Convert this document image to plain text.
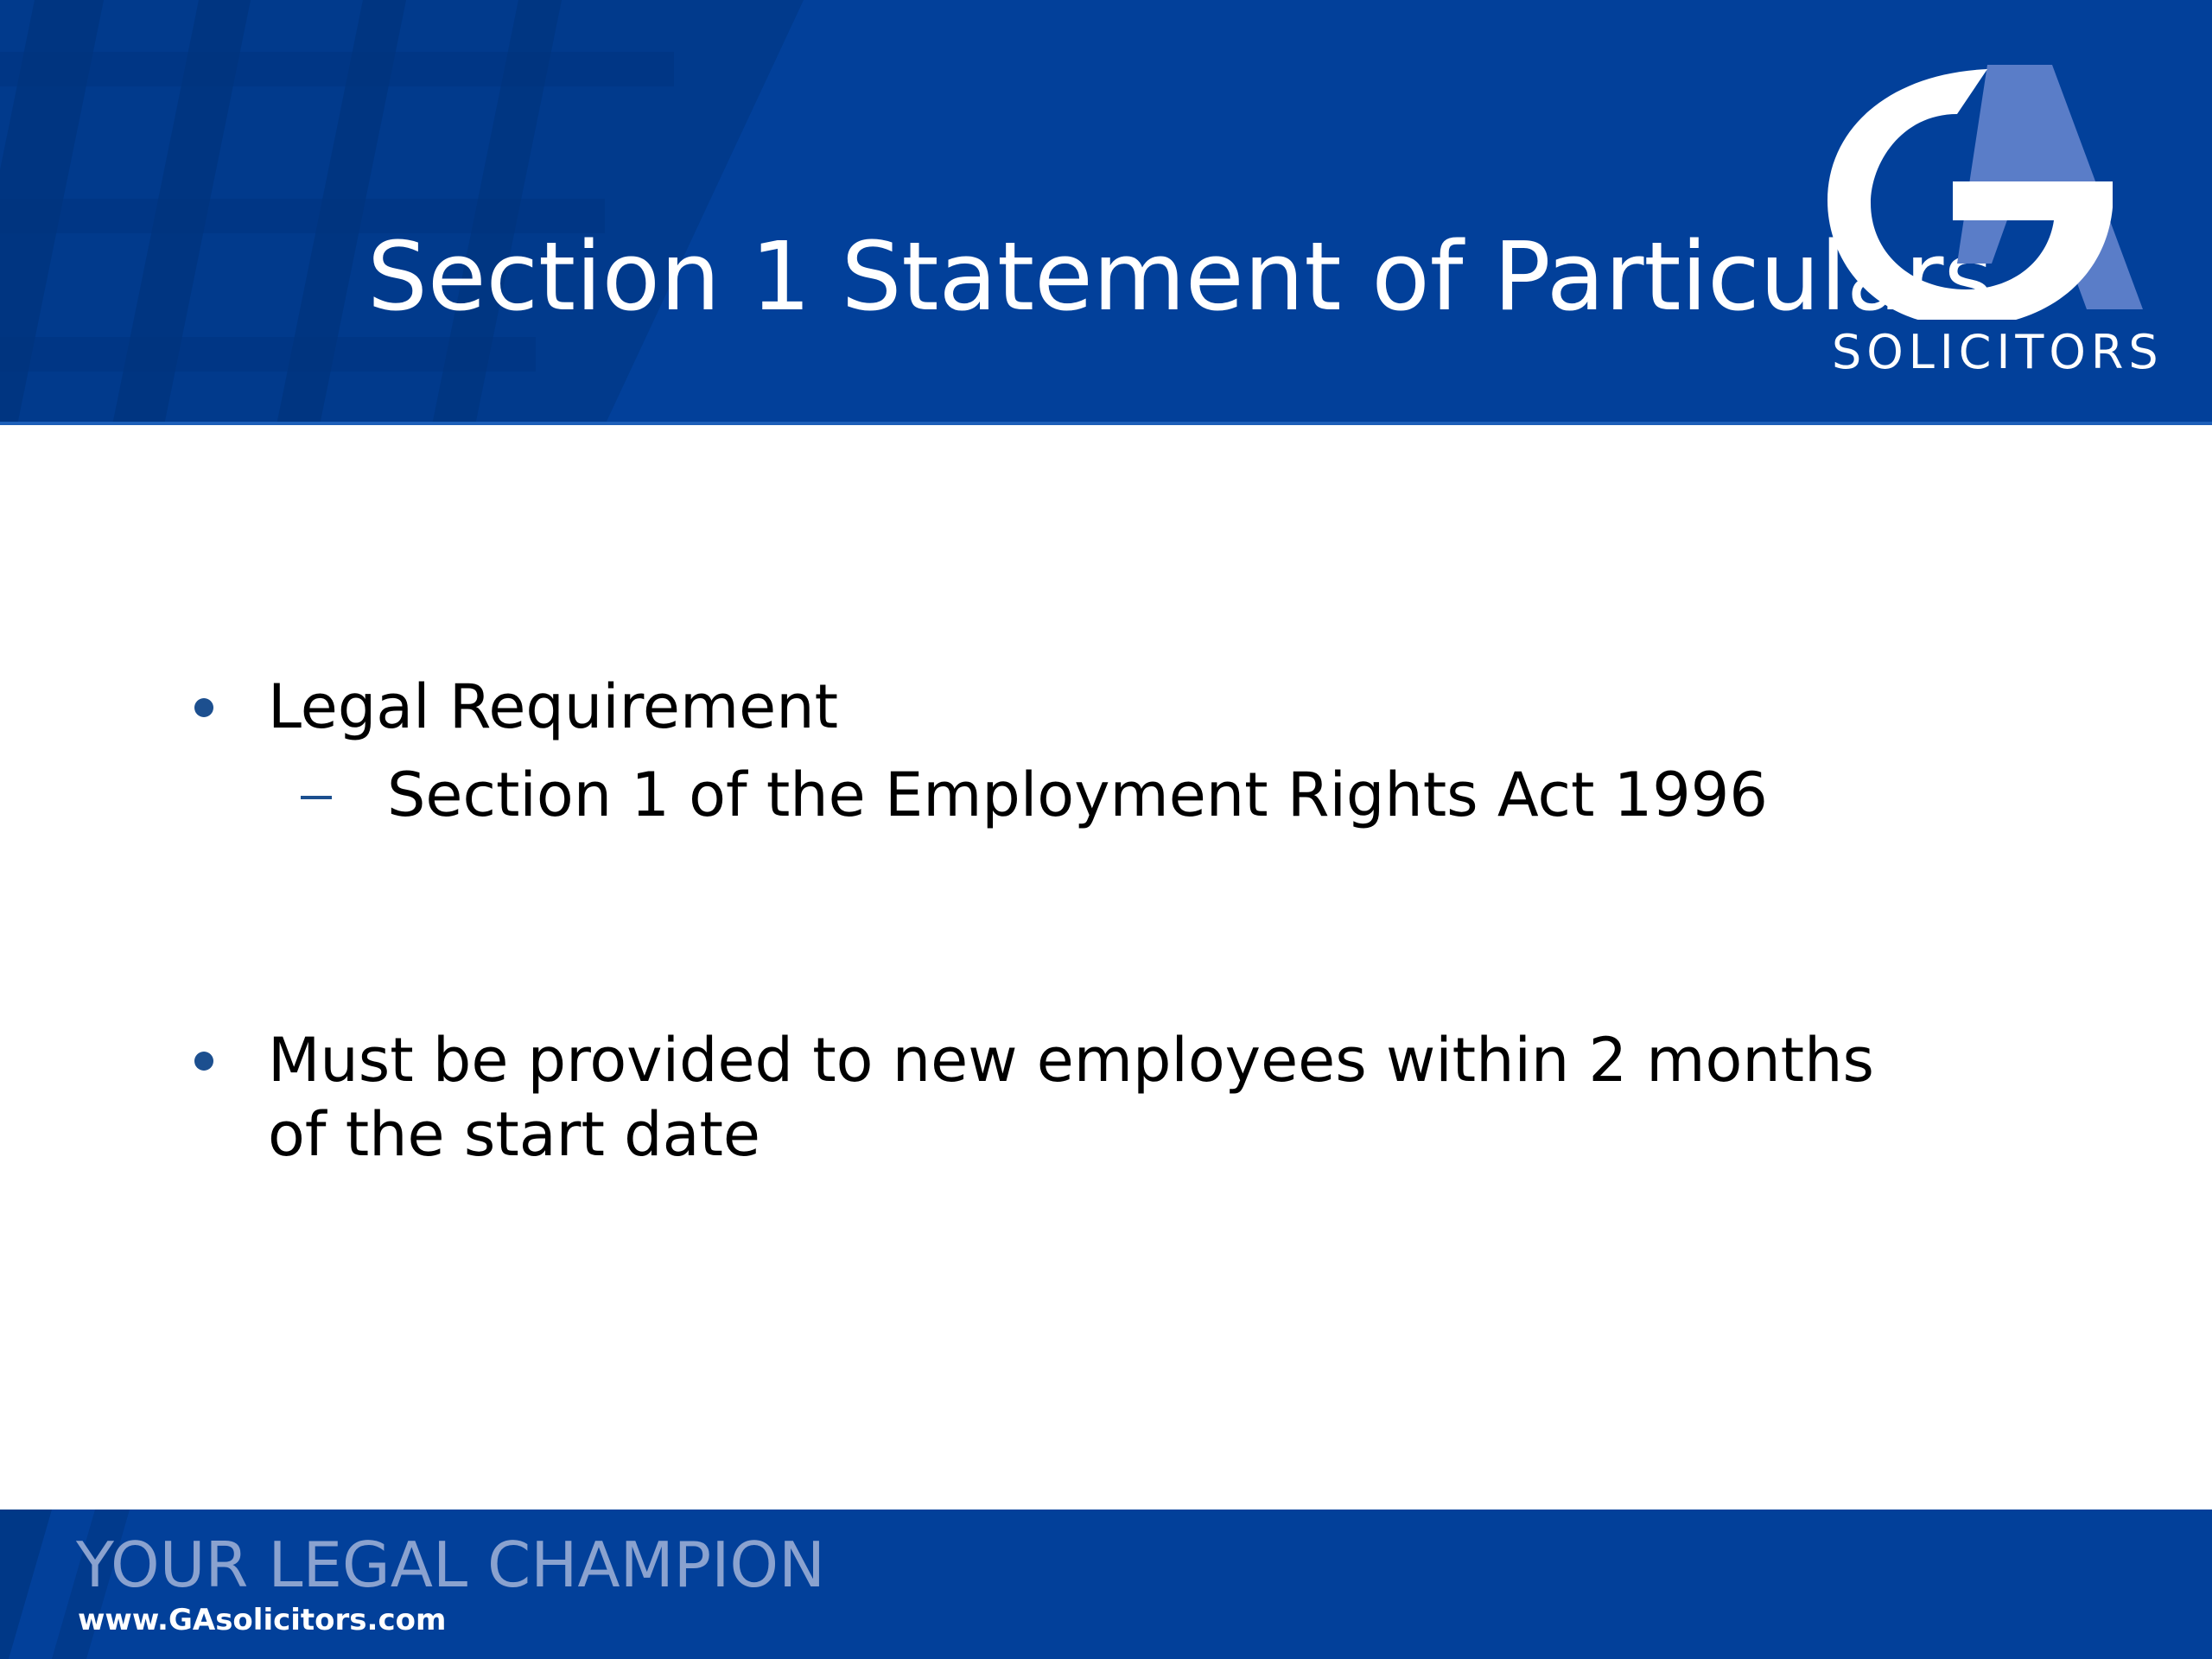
Section 1 Statement of Particulars
SOLICITORS
Legal Requirement
Section 1 of the Employment Rights Act 1996
Must be provided to new employees within 2 months of the start date
YOUR LEGAL CHAMPION
www.GAsolicitors.com
